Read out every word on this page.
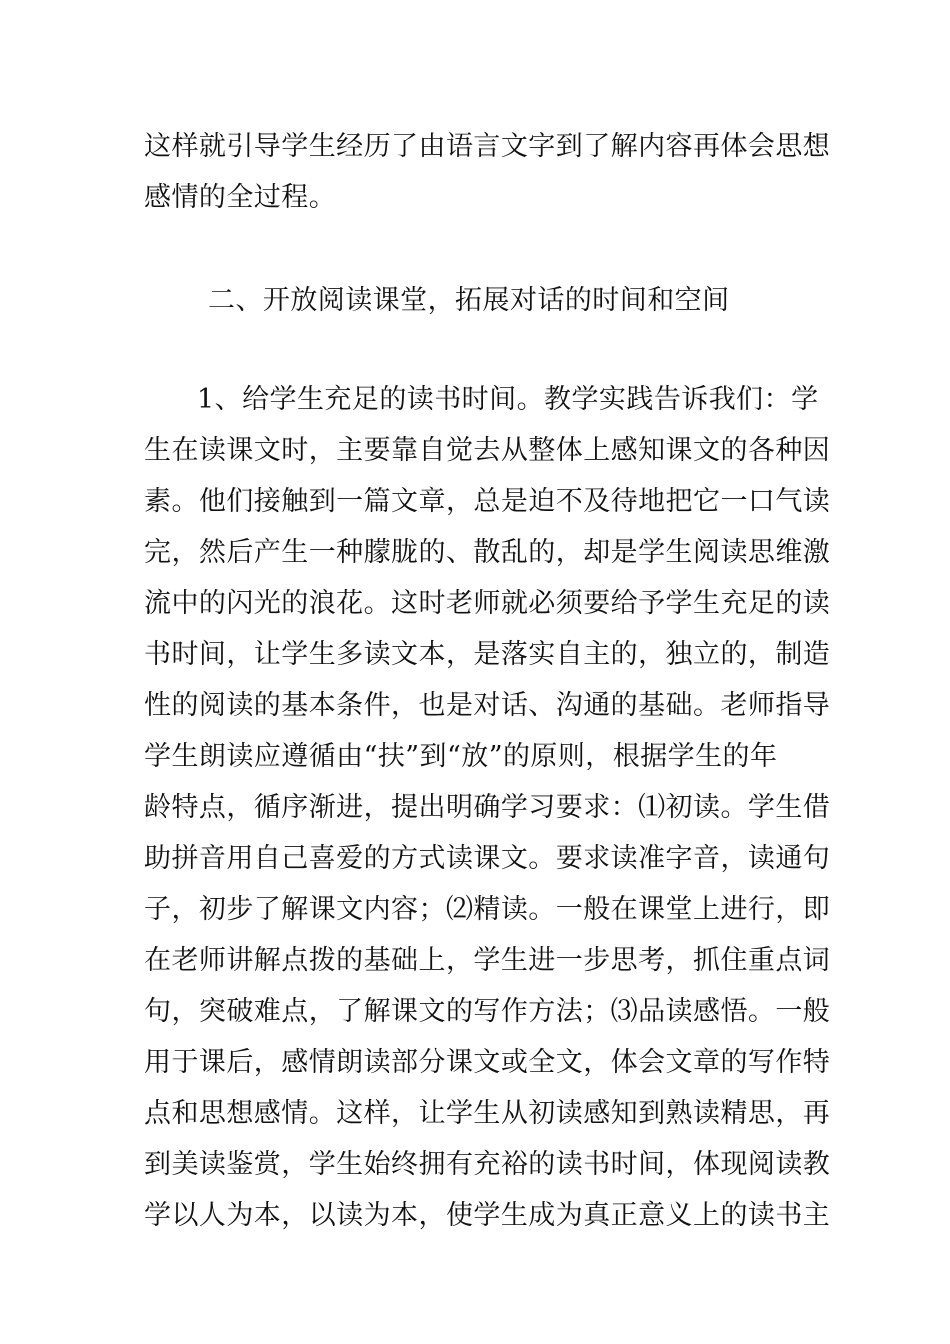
这样就引导学生经历了由语言文字到了解内容再体会思想
感情的全过程。
二、开放阅读课堂，拓展对话的时间和空间
1、给学生充足的读书时间。教学实践告诉我们：学
生在读课文时，主要靠自觉去从整体上感知课文的各种因
素。他们接触到一篇文章，总是迫不及待地把它一口气读
完，然后产生一种朦胧的、散乱的，却是学生阅读思维激
流中的闪光的浪花。这时老师就必须要给予学生充足的读
书时间，让学生多读文本，是落实自主的，独立的，制造
性的阅读的基本条件，也是对话、沟通的基础。老师指导
学生朗读应遵循由“扶”到“放”的原则，根据学生的年
龄特点，循序渐进，提出明确学习要求：⑴初读。学生借
助拼音用自己喜爱的方式读课文。要求读准字音，读通句
子，初步了解课文内容；⑵精读。一般在课堂上进行，即
在老师讲解点拨的基础上，学生进一步思考，抓住重点词
句，突破难点，了解课文的写作方法；⑶品读感悟。一般
用于课后，感情朗读部分课文或全文，体会文章的写作特
点和思想感情。这样，让学生从初读感知到熟读精思，再
到美读鉴赏，学生始终拥有充裕的读书时间，体现阅读教
学以人为本，以读为本，使学生成为真正意义上的读书主
